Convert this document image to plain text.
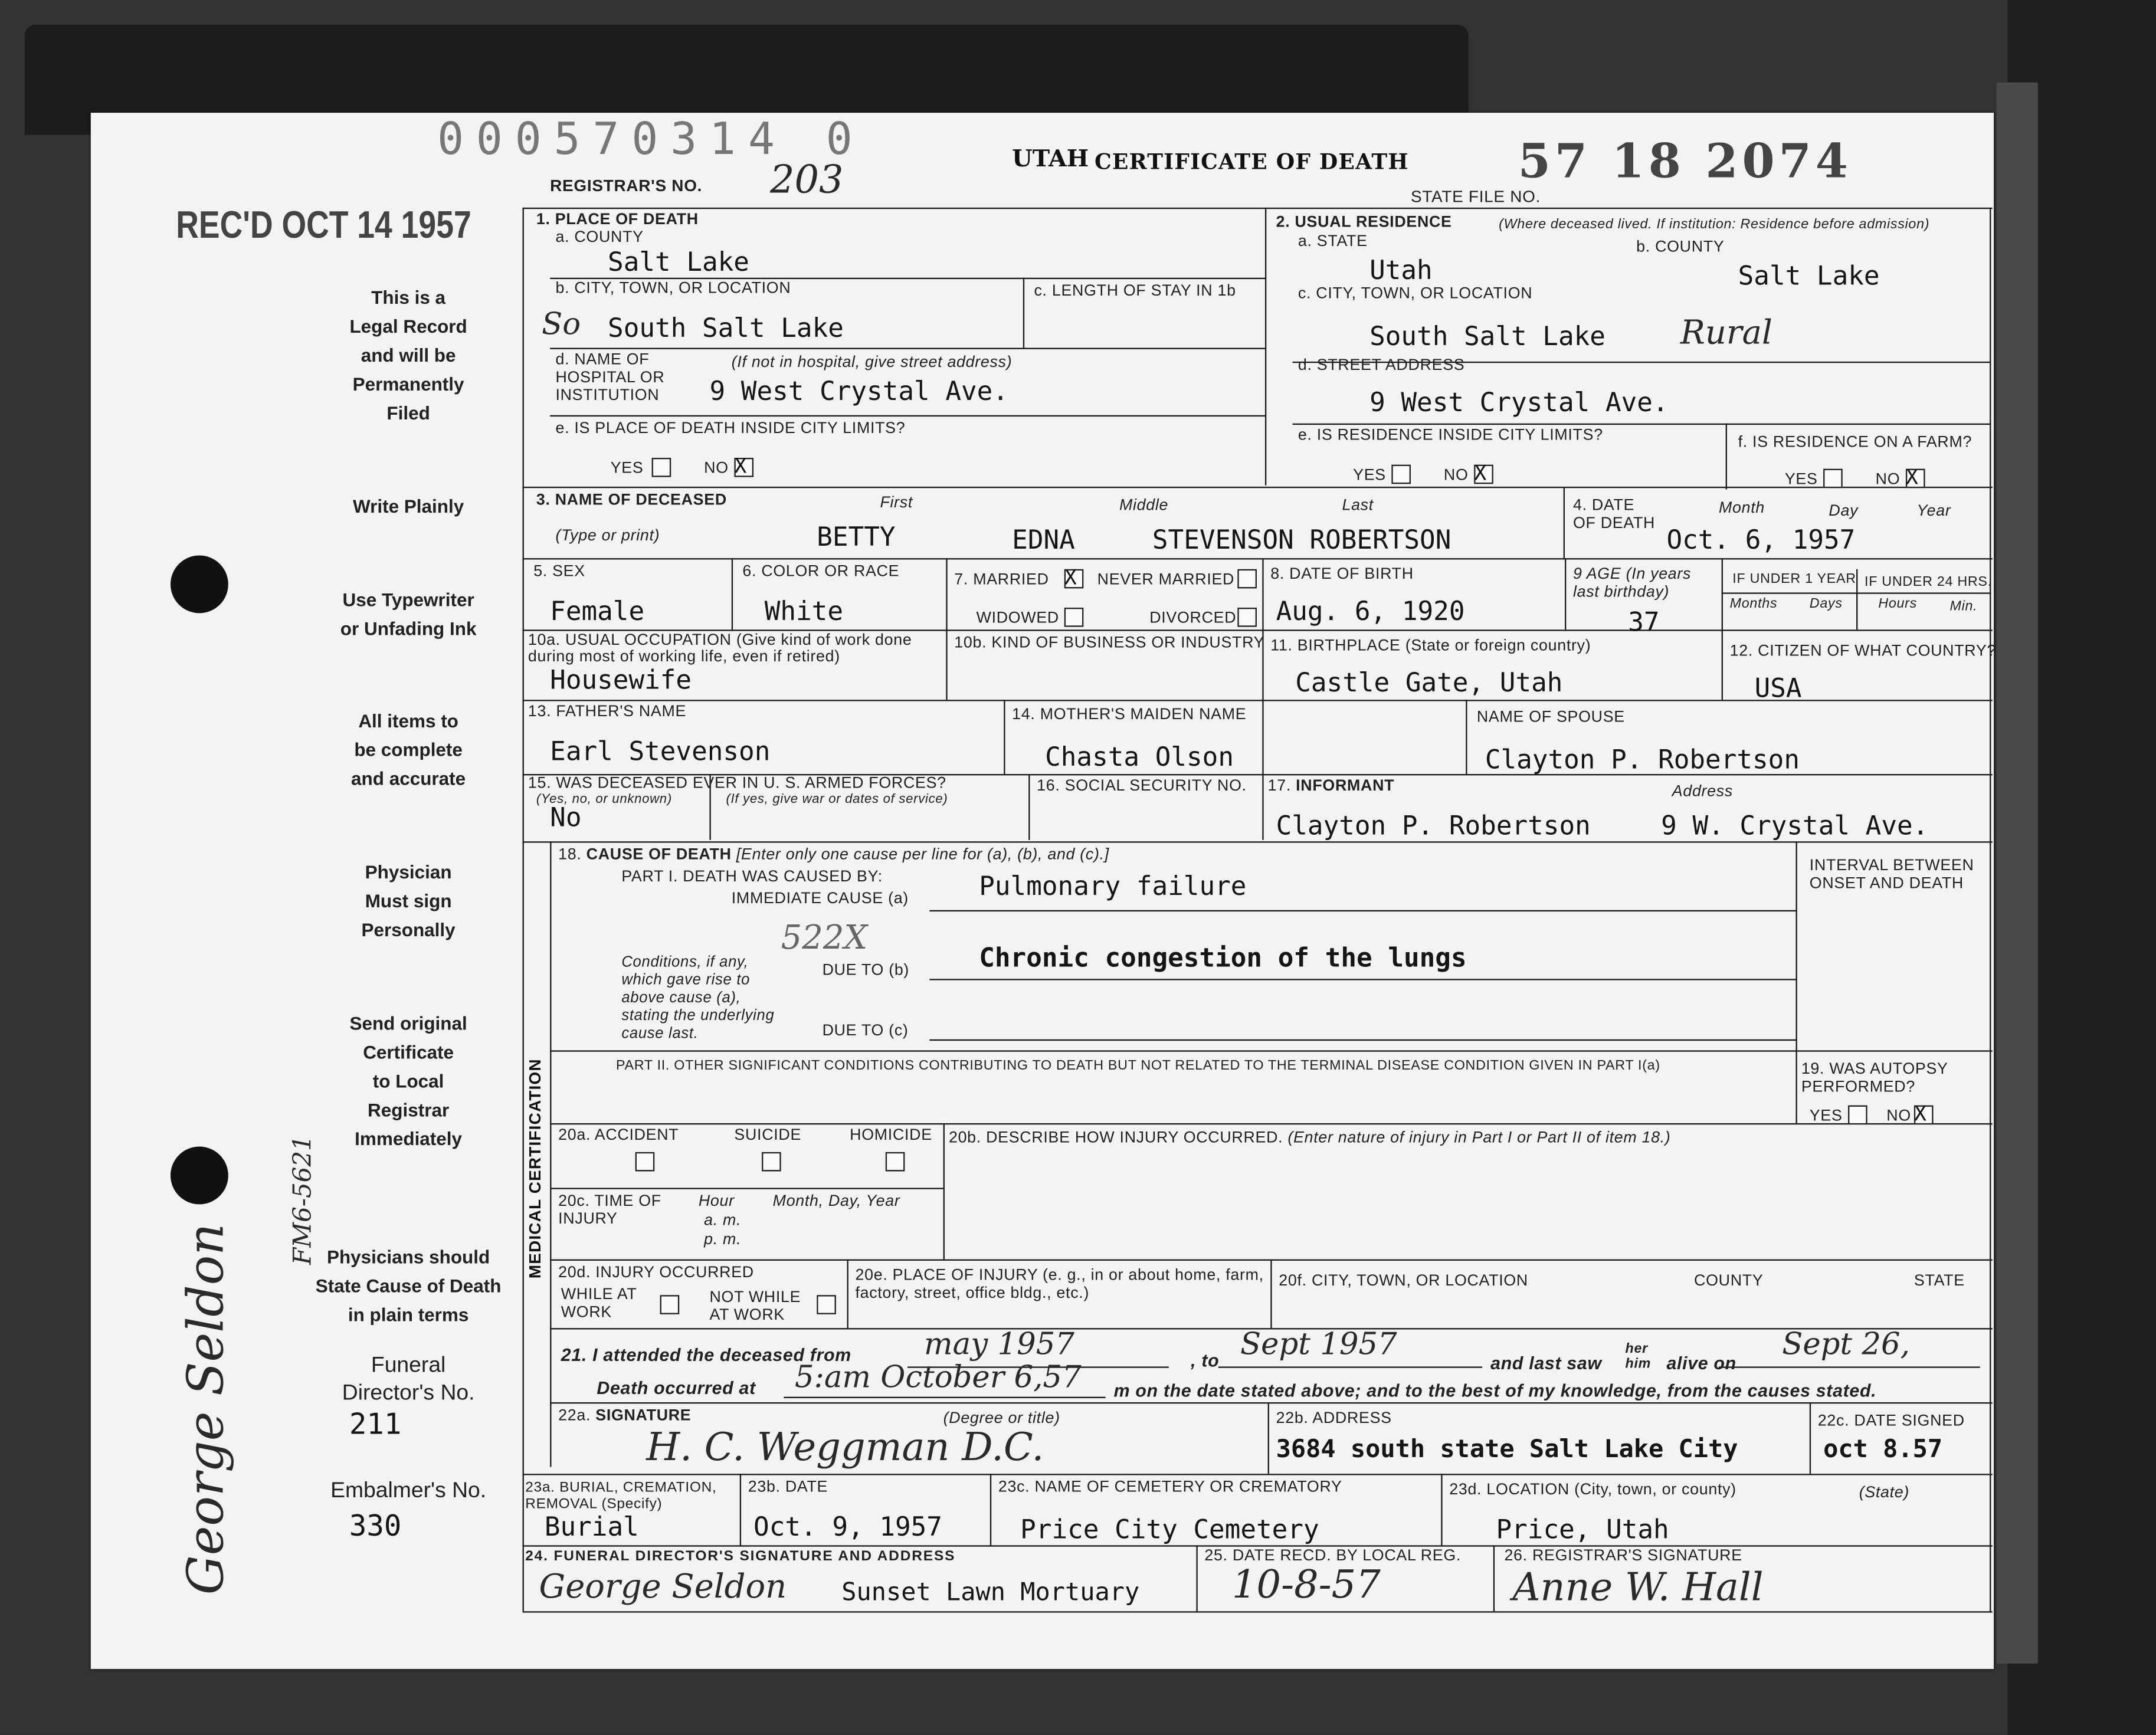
000570314 0
REGISTRAR'S NO.	203	UTAH CERTIFICATE OF DEATH	57 18 2074
STATE FILE NO.
REC'D OCT 14 1957
This is a
Legal Record
and will be
Permanently
Filed
Write Plainly
Use Typewriter
or Unfading Ink
All items to
be complete
and accurate
Physician
Must sign
Personally
Send original
Certificate
to Local
Registrar
Immediately
Physicians should
State Cause of Death
in plain terms
Funeral
Director's No.
211
Embalmer's No.
330
George Seldon
FM6-5621
1. PLACE OF DEATH
a. COUNTY
Salt Lake
b. CITY, TOWN, OR LOCATION
So South Salt Lake
c. LENGTH OF STAY IN 1b
d. NAME OF HOSPITAL OR INSTITUTION
(If not in hospital, give street address)
9 West Crystal Ave.
e. IS PLACE OF DEATH INSIDE CITY LIMITS?
YES	NO
X
2. USUAL RESIDENCE	(Where deceased lived. If institution: Residence before admission)
a. STATE
Utah
b. COUNTY
Salt Lake
c. CITY, TOWN, OR LOCATION
South Salt Lake	Rural
d. STREET ADDRESS
9 West Crystal Ave.
e. IS RESIDENCE INSIDE CITY LIMITS?
YES	NO
X
f. IS RESIDENCE ON A FARM?
YES	NO
X
3. NAME OF DECEASED
(Type or print)
First	Middle	Last
BETTY	EDNA	STEVENSON ROBERTSON
4. DATE OF DEATH
Month	Day	Year
Oct. 6, 1957
5. SEX
Female
6. COLOR OR RACE
White
7. MARRIED
X	NEVER MARRIED
WIDOWED	DIVORCED
8. DATE OF BIRTH
Aug. 6, 1920
9 AGE (In years last birthday)
37
IF UNDER 1 YEAR IF UNDER 24 HRS.
Months	Days	Hours	Min.
10a. USUAL OCCUPATION (Give kind of work done during most of working life, even if retired)
Housewife
10b. KIND OF BUSINESS OR INDUSTRY 11. BIRTHPLACE (State or foreign country)
Castle Gate, Utah
12. CITIZEN OF WHAT COUNTRY?
USA
13. FATHER'S NAME
Earl Stevenson
14. MOTHER'S MAIDEN NAME
Chasta Olson
NAME OF SPOUSE
Clayton P. Robertson
15. WAS DECEASED EVER IN U. S. ARMED FORCES?
(Yes, no, or unknown)	(If yes, give war or dates of service)
No
16. SOCIAL SECURITY NO.	17. INFORMANT	Address
Clayton P. Robertson	9 W. Crystal Ave.
MEDICAL CERTIFICATION
18. CAUSE OF DEATH [Enter only one cause per line for (a), (b), and (c).]
PART I. DEATH WAS CAUSED BY:
IMMEDIATE CAUSE (a)	Pulmonary failure
522X
Conditions, if any, which gave rise to above cause (a), stating the underlying cause last.
DUE TO (b)	Chronic congestion of the lungs
DUE TO (c)
INTERVAL BETWEEN ONSET AND DEATH
PART II. OTHER SIGNIFICANT CONDITIONS CONTRIBUTING TO DEATH BUT NOT RELATED TO THE TERMINAL DISEASE CONDITION GIVEN IN PART I(a)	19. WAS AUTOPSY PERFORMED?
YES	NO
X
20a. ACCIDENT	SUICIDE	HOMICIDE 20b. DESCRIBE HOW INJURY OCCURRED. (Enter nature of injury in Part I or Part II of item 18.)
20c. TIME OF INJURY
Hour
a. m.
p. m.
Month, Day, Year
20d. INJURY OCCURRED
WHILE AT WORK
NOT WHILE AT WORK
20e. PLACE OF INJURY (e. g., in or about home, farm, factory, street, office bldg., etc.)
20f. CITY, TOWN, OR LOCATION	COUNTY	STATE
21. I attended the deceased from	may 1957	, to Sept 1957
and last saw
her him	alive on
Sept 26,
Death occurred at	5:am October 6,57	m on the date stated above; and to the best of my knowledge, from the causes stated.
22a. SIGNATURE	(Degree or title)
H. C. Weggman D.C.
22b. ADDRESS
3684 south state Salt Lake City
22c. DATE SIGNED
oct 8.57
23a. BURIAL, CREMATION, REMOVAL (Specify)
Burial
23b. DATE
Oct. 9, 1957
23c. NAME OF CEMETERY OR CREMATORY
Price City Cemetery
23d. LOCATION (City, town, or county)	(State)
Price, Utah
24. FUNERAL DIRECTOR'S SIGNATURE AND ADDRESS
George Seldon	Sunset Lawn Mortuary
25. DATE RECD. BY LOCAL REG.
10-8-57
26. REGISTRAR'S SIGNATURE
Anne W. Hall
